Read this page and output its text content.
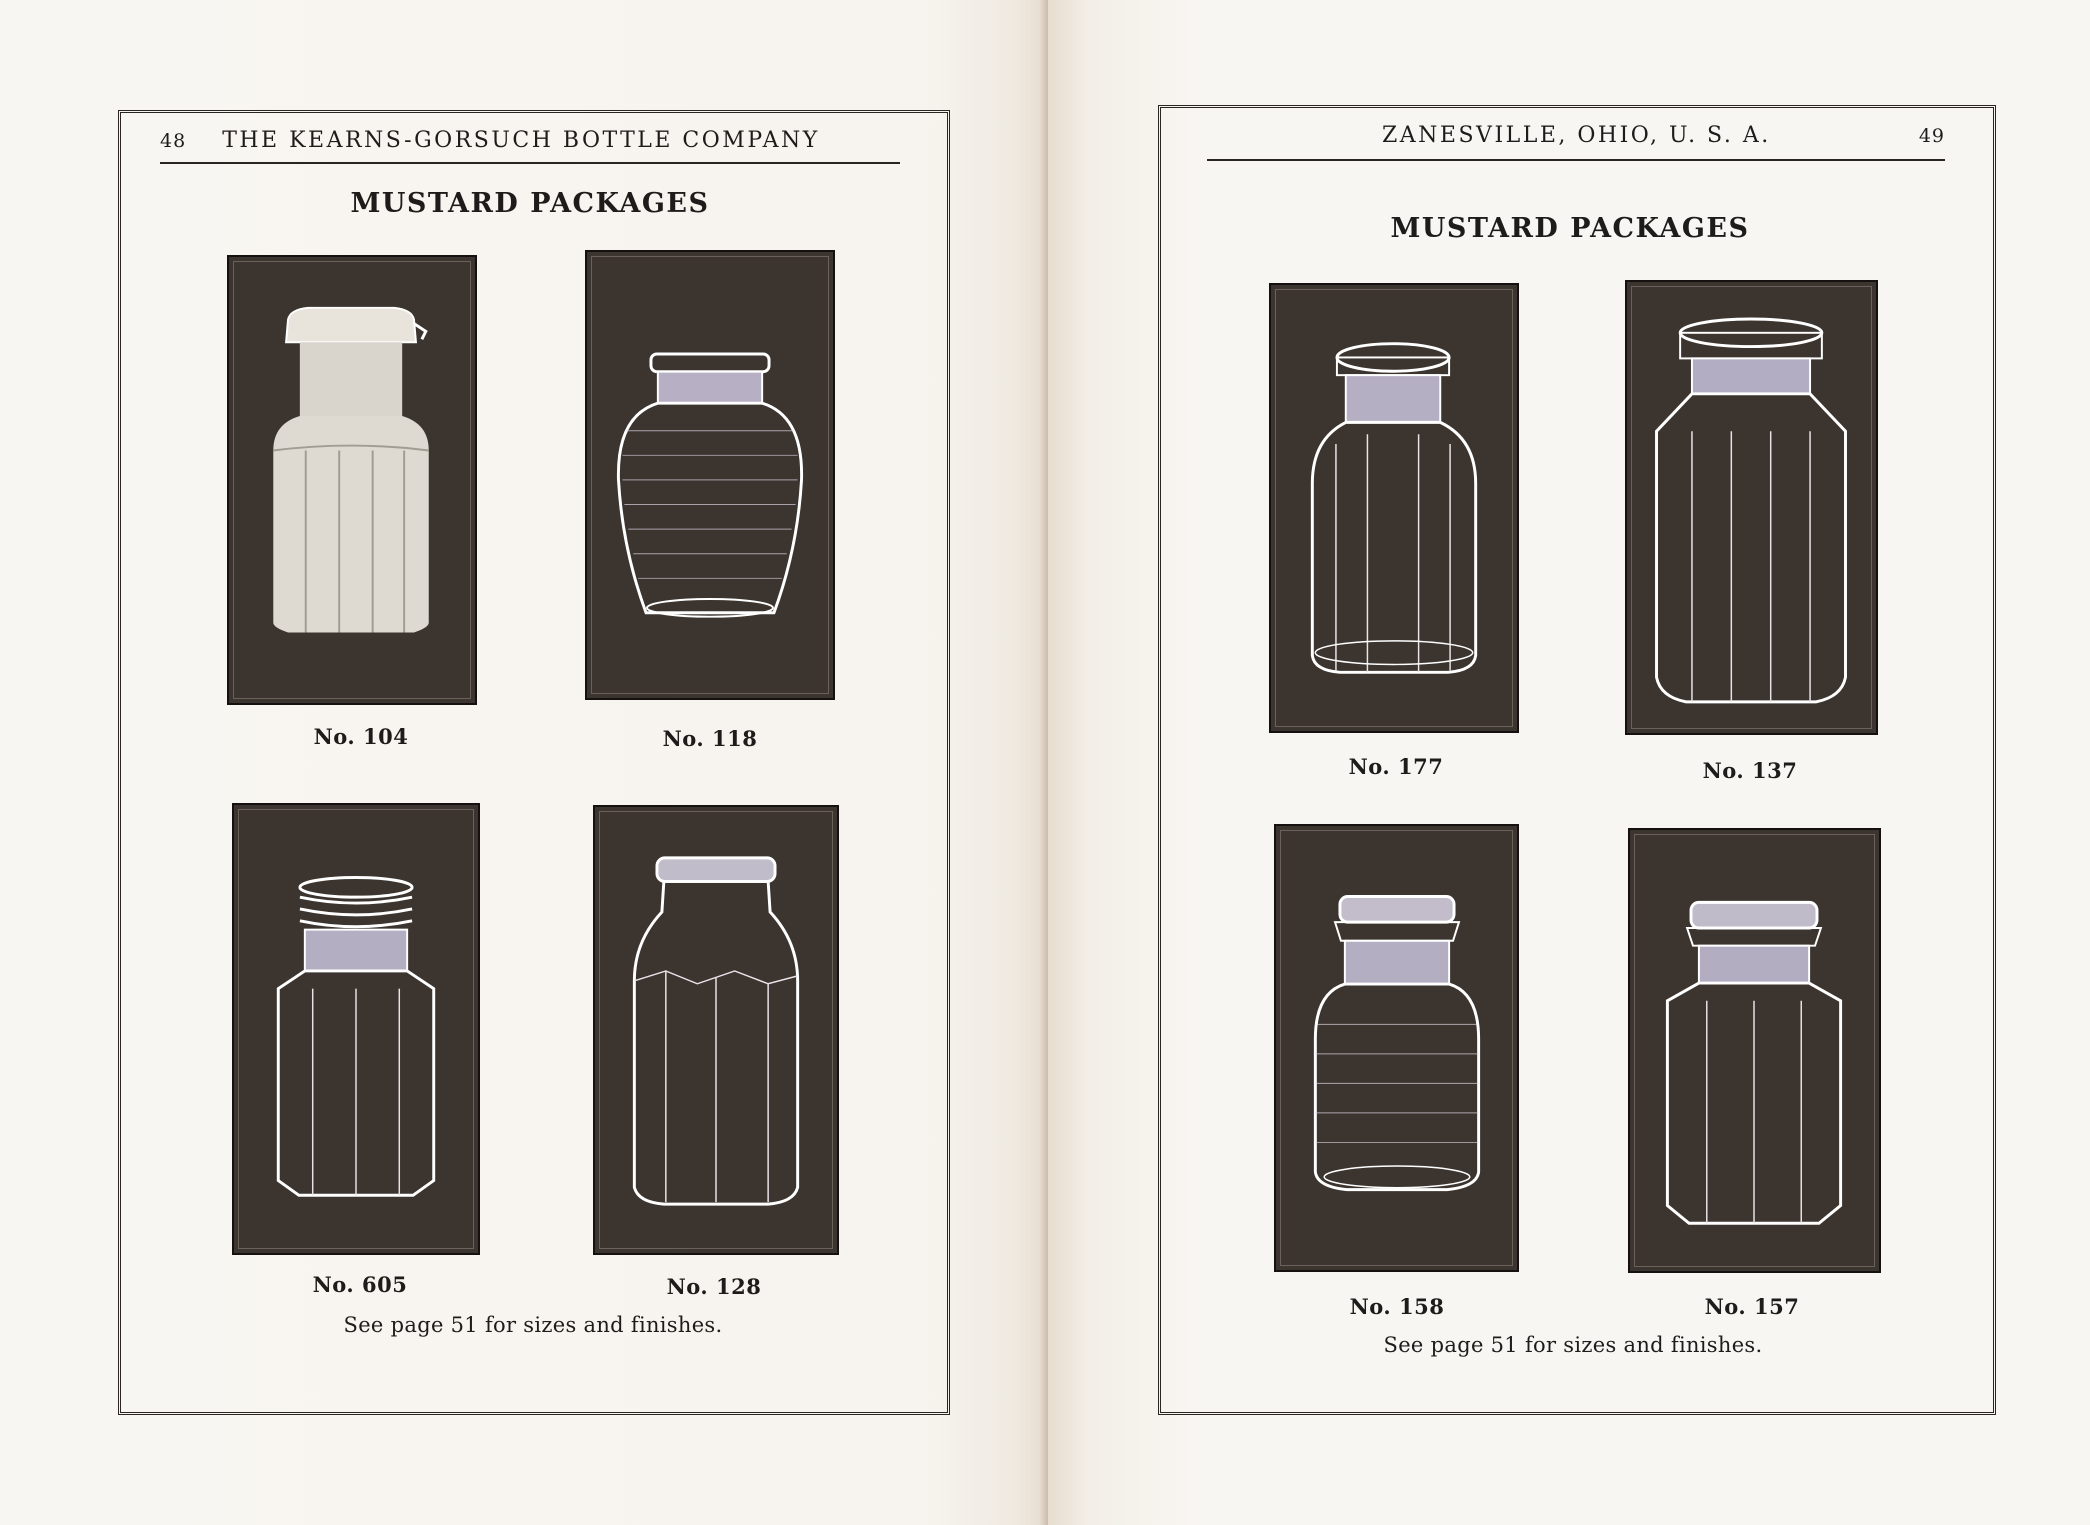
48 THE KEARNS-GORSUCH BOTTLE COMPANY
MUSTARD PACKAGES
No. 104	No. 118
No. 605	No. 128
See page 51 for sizes and finishes.
ZANESVILLE, OHIO, U. S. A.	49
MUSTARD PACKAGES
No. 177	No. 137
No. 158	No. 157
See page 51 for sizes and finishes.
